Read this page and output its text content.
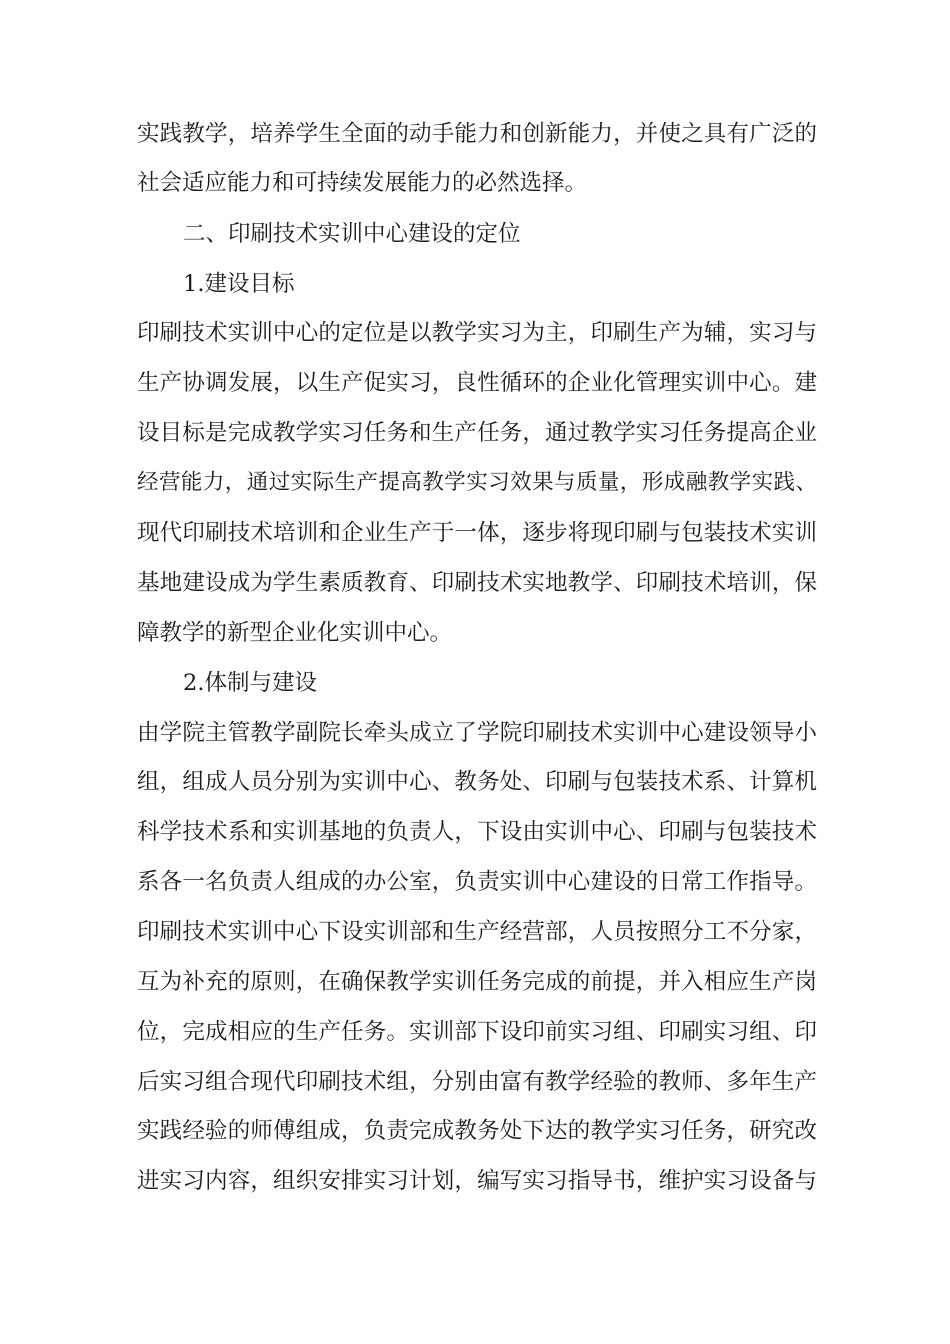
实践教学，培养学生全面的动手能力和创新能力，并使之具有广泛的
社会适应能力和可持续发展能力的必然选择。
二、印刷技术实训中心建设的定位
1.建设目标
印刷技术实训中心的定位是以教学实习为主，印刷生产为辅，实习与
生产协调发展，以生产促实习，良性循环的企业化管理实训中心。建
设目标是完成教学实习任务和生产任务，通过教学实习任务提高企业
经营能力，通过实际生产提高教学实习效果与质量，形成融教学实践、
现代印刷技术培训和企业生产于一体，逐步将现印刷与包装技术实训
基地建设成为学生素质教育、印刷技术实地教学、印刷技术培训，保
障教学的新型企业化实训中心。
2.体制与建设
由学院主管教学副院长牵头成立了学院印刷技术实训中心建设领导小
组，组成人员分别为实训中心、教务处、印刷与包装技术系、计算机
科学技术系和实训基地的负责人，下设由实训中心、印刷与包装技术
系各一名负责人组成的办公室，负责实训中心建设的日常工作指导。
印刷技术实训中心下设实训部和生产经营部，人员按照分工不分家，
互为补充的原则，在确保教学实训任务完成的前提，并入相应生产岗
位，完成相应的生产任务。实训部下设印前实习组、印刷实习组、印
后实习组合现代印刷技术组，分别由富有教学经验的教师、多年生产
实践经验的师傅组成，负责完成教务处下达的教学实习任务，研究改
进实习内容，组织安排实习计划，编写实习指导书，维护实习设备与
